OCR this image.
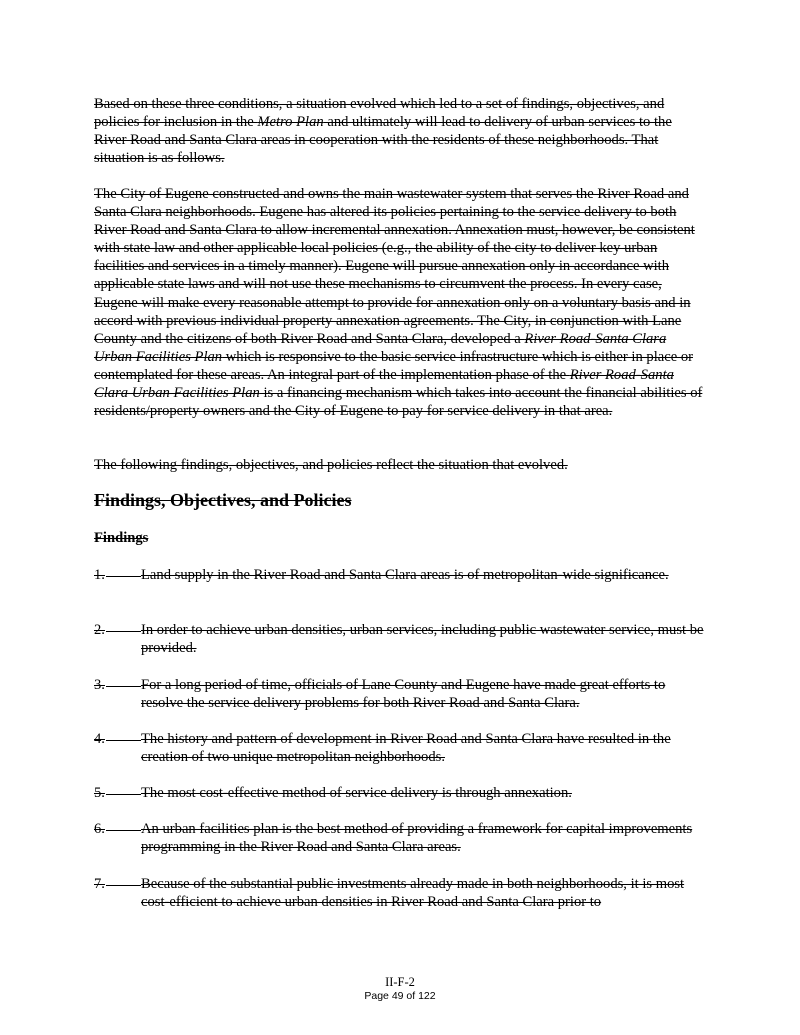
Based on these three conditions, a situation evolved which led to a set of findings, objectives, and policies for inclusion in the Metro Plan and ultimately will lead to delivery of urban services to the River Road and Santa Clara areas in cooperation with the residents of these neighborhoods. That situation is as follows.

The City of Eugene constructed and owns the main wastewater system that serves the River Road and Santa Clara neighborhoods. Eugene has altered its policies pertaining to the service delivery to both River Road and Santa Clara to allow incremental annexation. Annexation must, however, be consistent with state law and other applicable local policies (e.g., the ability of the city to deliver key urban facilities and services in a timely manner). Eugene will pursue annexation only in accordance with applicable state laws and will not use these mechanisms to circumvent the process. In every case, Eugene will make every reasonable attempt to provide for annexation only on a voluntary basis and in accord with previous individual property annexation agreements. The City, in conjunction with Lane County and the citizens of both River Road and Santa Clara, developed a River Road-Santa Clara Urban Facilities Plan which is responsive to the basic service infrastructure which is either in place or contemplated for these areas. An integral part of the implementation phase of the River Road-Santa Clara Urban Facilities Plan is a financing mechanism which takes into account the financial abilities of residents/property owners and the City of Eugene to pay for service delivery in that area.

The following findings, objectives, and policies reflect the situation that evolved.

Findings, Objectives, and Policies
Findings
1.	Land supply in the River Road and Santa Clara areas is of metropolitan-wide significance.
2.	In order to achieve urban densities, urban services, including public wastewater service, must be provided.
3.	For a long period of time, officials of Lane County and Eugene have made great efforts to resolve the service delivery problems for both River Road and Santa Clara.
4.	The history and pattern of development in River Road and Santa Clara have resulted in the creation of two unique metropolitan neighborhoods.
5.	The most cost-effective method of service delivery is through annexation.
6.	An urban facilities plan is the best method of providing a framework for capital improvements programming in the River Road and Santa Clara areas.
7.	Because of the substantial public investments already made in both neighborhoods, it is most cost-efficient to achieve urban densities in River Road and Santa Clara prior to
II-F-2
Page 49 of 122
